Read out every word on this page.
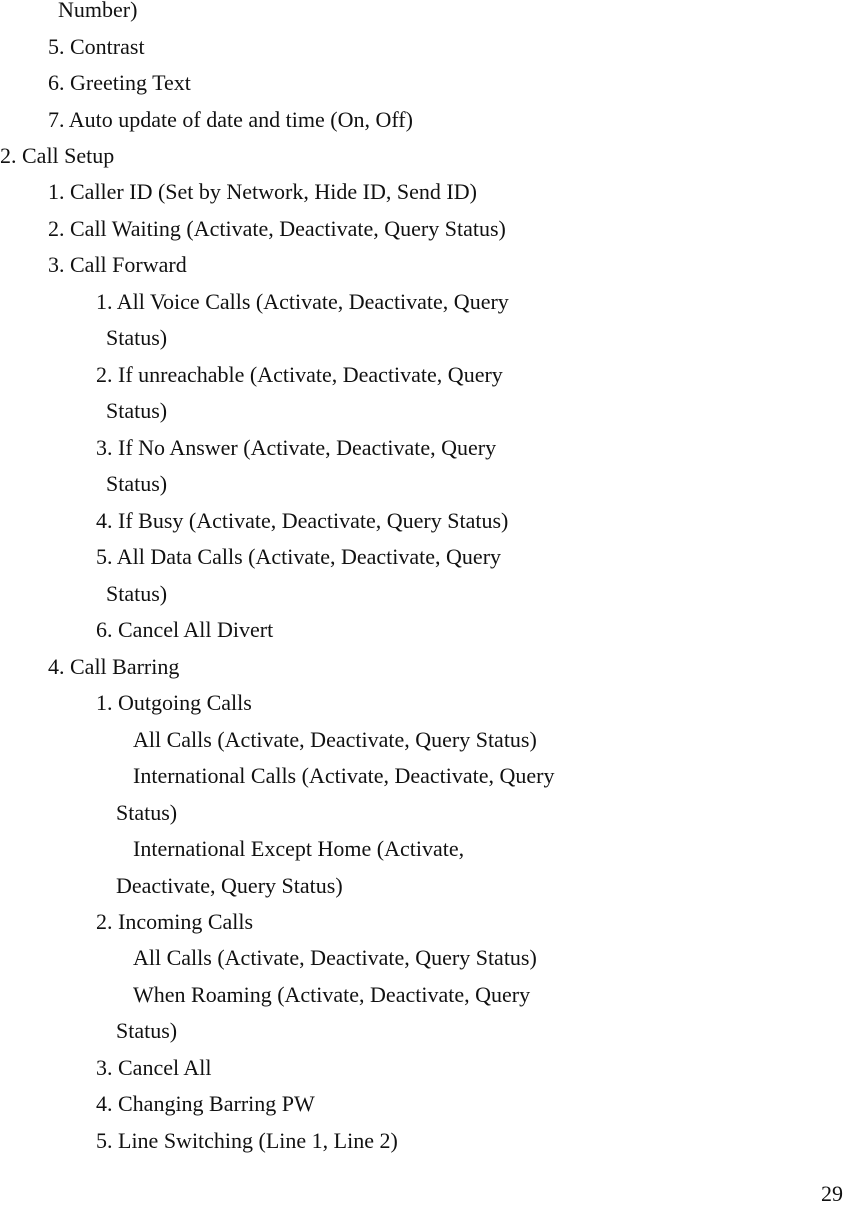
Number)
5. Contrast
6. Greeting Text
7. Auto update of date and time (On, Off)
2. Call Setup
1. Caller ID (Set by Network, Hide ID, Send ID)
2. Call Waiting (Activate, Deactivate, Query Status)
3. Call Forward
1. All Voice Calls (Activate, Deactivate, Query
Status)
2. If unreachable (Activate, Deactivate, Query
Status)
3. If No Answer (Activate, Deactivate, Query
Status)
4. If Busy (Activate, Deactivate, Query Status)
5. All Data Calls (Activate, Deactivate, Query
Status)
6. Cancel All Divert
4. Call Barring
1. Outgoing Calls
All Calls (Activate, Deactivate, Query Status)
International Calls (Activate, Deactivate, Query
Status)
International Except Home (Activate,
Deactivate, Query Status)
2. Incoming Calls
All Calls (Activate, Deactivate, Query Status)
When Roaming (Activate, Deactivate, Query
Status)
3. Cancel All
4. Changing Barring PW
5. Line Switching (Line 1, Line 2)
29
